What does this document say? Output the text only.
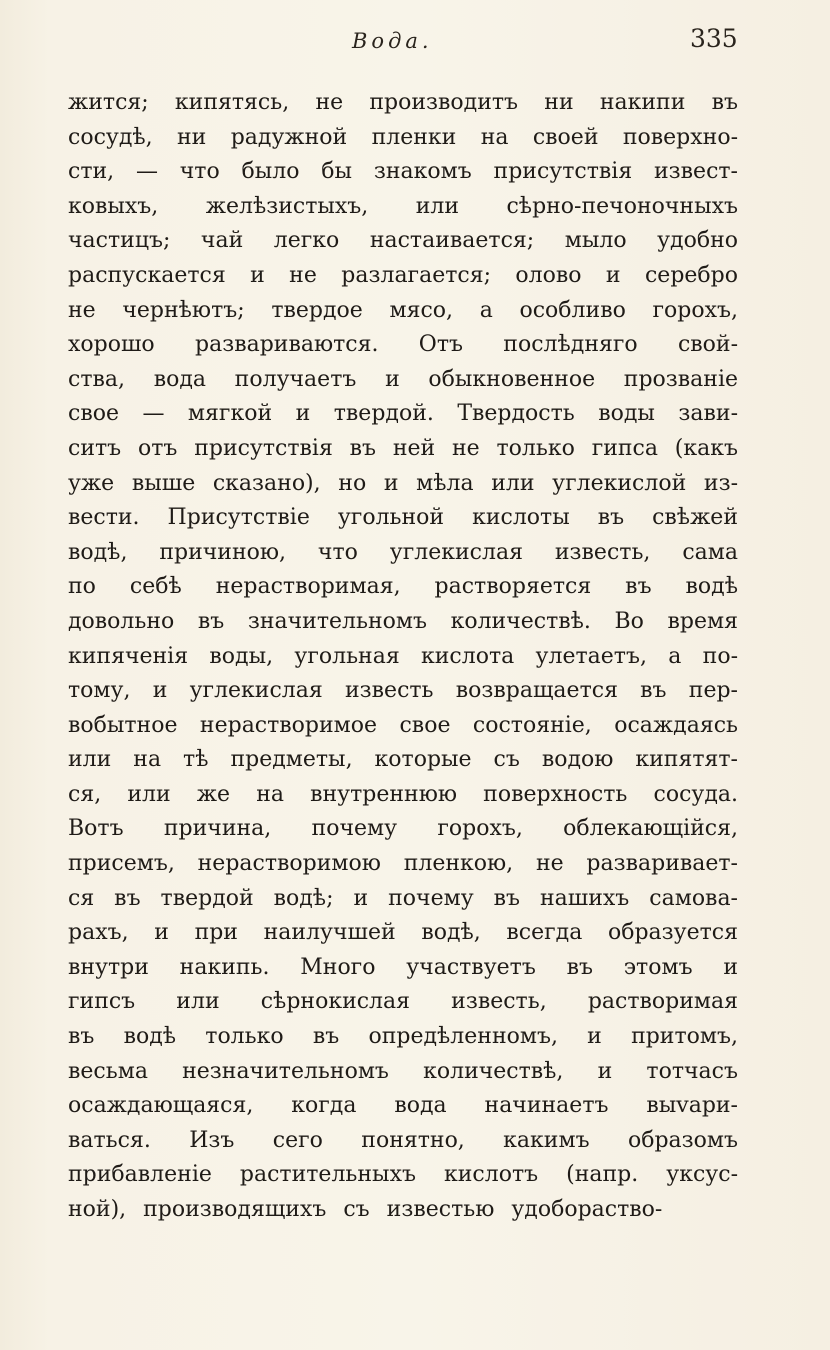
Вода.	335
жится; кипятясь, не производитъ ни накипи въ
сосудѣ, ни радужной пленки на своей поверхно-
сти, — что было бы знакомъ присутствія извест-
ковыхъ, желѣзистыхъ, или сѣрно-печоночныхъ
частицъ; чай легко настаивается; мыло удобно
распускается и не разлагается; олово и серебро
не чернѣютъ; твердое мясо, а особливо горохъ,
хорошо развариваются. Отъ послѣдняго свой-
ства, вода получаетъ и обыкновенное прозваніе
свое — мягкой и твердой. Твердость воды зави-
ситъ отъ присутствія въ ней не только гипса (какъ
уже выше сказано), но и мѣла или углекислой из-
вести. Присутствіе угольной кислоты въ свѣжей
водѣ, причиною, что углекислая известь, сама
по себѣ нерастворимая, растворяется въ водѣ
довольно въ значительномъ количествѣ. Во время
кипяченія воды, угольная кислота улетаетъ, а по-
тому, и углекислая известь возвращается въ пер-
вобытное нерастворимое свое состояніе, осаждаясь
или на тѣ предметы, которые съ водою кипятят-
ся, или же на внутреннюю поверхность сосуда.
Вотъ причина, почему горохъ, облекающійся,
присемъ, нерастворимою пленкою, не разваривает-
ся въ твердой водѣ; и почему въ нашихъ самова-
рахъ, и при наилучшей водѣ, всегда образуется
внутри накипь. Много участвуетъ въ этомъ и
гипсъ или сѣрнокислая известь, растворимая
въ водѣ только въ опредѣленномъ, и притомъ,
весьма незначительномъ количествѣ, и тотчасъ
осаждающаяся, когда вода начинаетъ выvари-
ваться. Изъ сего понятно, какимъ образомъ
прибавленіе растительныхъ кислотъ (напр. уксус-
ной), производящихъ съ известью удобораство-
